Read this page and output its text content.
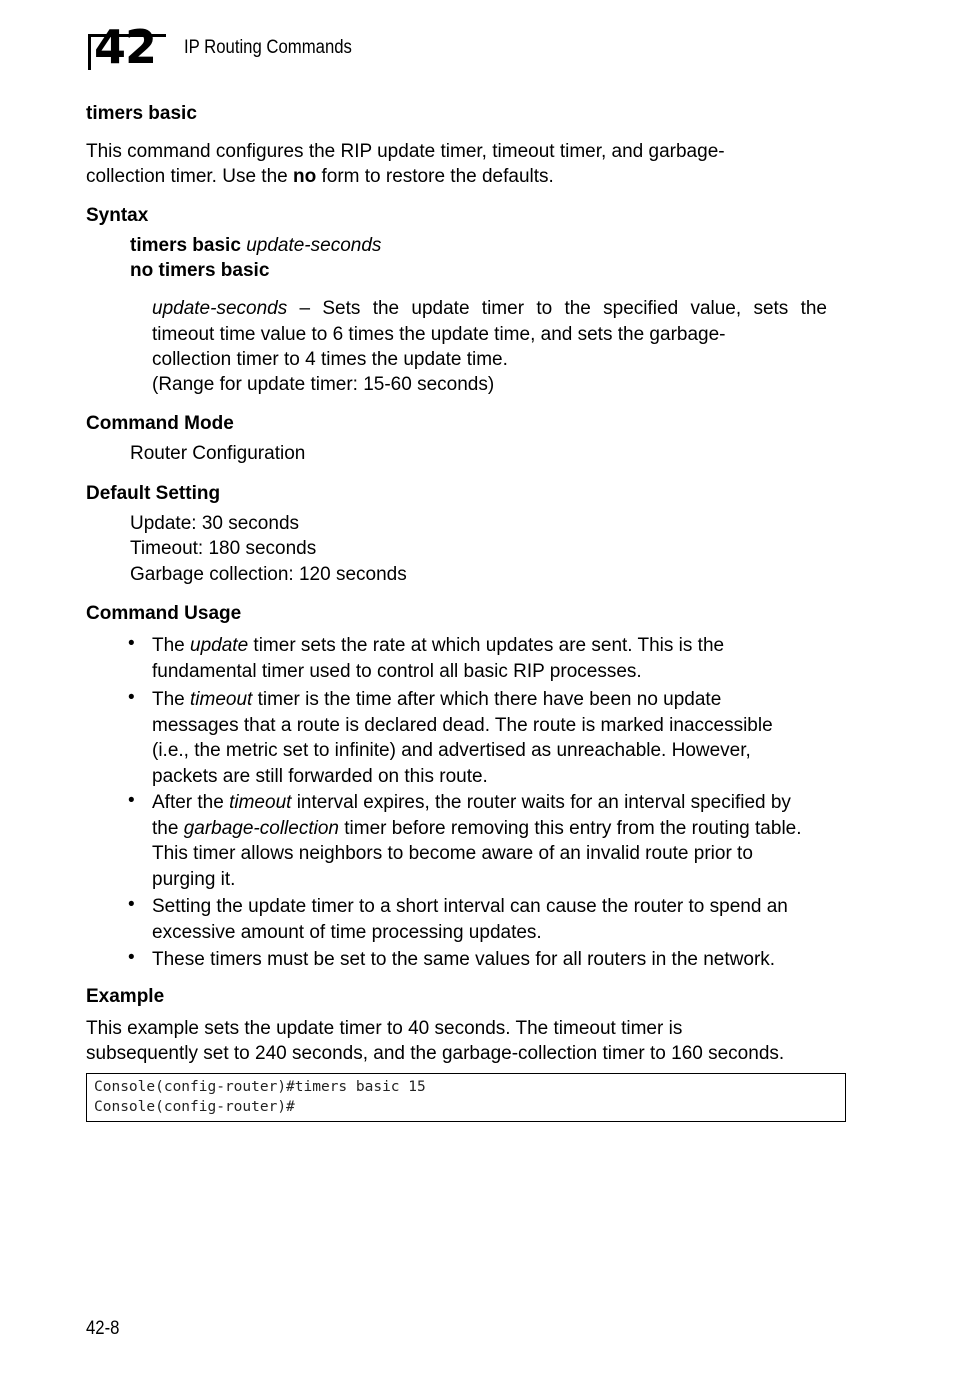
42 IP Routing Commands
timers basic
This command configures the RIP update timer, timeout timer, and garbage-
collection timer. Use the no form to restore the defaults.
Syntax
timers basic update-seconds
no timers basic
update-seconds – Sets the update timer to the specified value, sets the
timeout time value to 6 times the update time, and sets the garbage-
collection timer to 4 times the update time.
(Range for update timer: 15-60 seconds)
Command Mode
Router Configuration
Default Setting
Update: 30 seconds
Timeout: 180 seconds
Garbage collection: 120 seconds
Command Usage
• The update timer sets the rate at which updates are sent. This is the
fundamental timer used to control all basic RIP processes.
• The timeout timer is the time after which there have been no update
messages that a route is declared dead. The route is marked inaccessible
(i.e., the metric set to infinite) and advertised as unreachable. However,
packets are still forwarded on this route.
• After the timeout interval expires, the router waits for an interval specified by
the garbage-collection timer before removing this entry from the routing table.
This timer allows neighbors to become aware of an invalid route prior to
purging it.
• Setting the update timer to a short interval can cause the router to spend an
excessive amount of time processing updates.
• These timers must be set to the same values for all routers in the network.
Example
This example sets the update timer to 40 seconds. The timeout timer is
subsequently set to 240 seconds, and the garbage-collection timer to 160 seconds.
Console(config-router)#timers basic 15
Console(config-router)#
42-8
